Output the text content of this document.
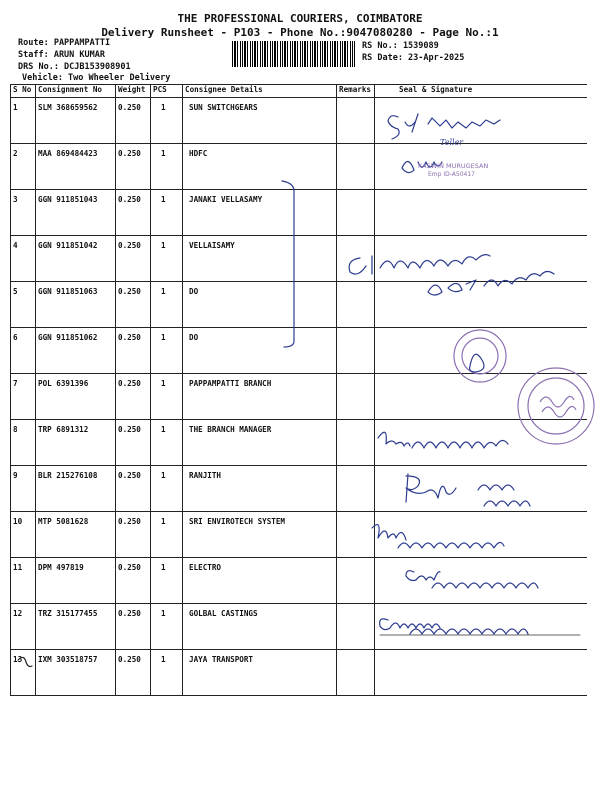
THE PROFESSIONAL COURIERS, COIMBATORE
Delivery Runsheet - P103 - Phone No.:9047080280 - Page No.:1
Route: PAPPAMPATTI
Staff: ARUN KUMAR
DRS No.: DCJB153908901
Vehicle: Two Wheeler Delivery
RS No.: 1539089
RS Date: 23-Apr-2025
S No	Consignment No	Weight	PCS	Consignee Details	Remarks	Seal & Signature
1	SLM 368659562	0.250	1	SUN SWITCHGEARS		
2	MAA 869484423	0.250	1	HDFC		
3	GGN 911851043	0.250	1	JANAKI VELLASAMY		
4	GGN 911851042	0.250	1	VELLAISAMY		
5	GGN 911851063	0.250	1	DO		
6	GGN 911851062	0.250	1	DO		
7	POL 6391396	0.250	1	PAPPAMPATTI BRANCH		
8	TRP 6891312	0.250	1	THE BRANCH MANAGER		
9	BLR 215276108	0.250	1	RANJITH		
10	MTP 5081628	0.250	1	SRI ENVIROTECH SYSTEM		
11	DPM 497819	0.250	1	ELECTRO		
12	TRZ 315177455	0.250	1	GOLBAL CASTINGS		
13	IXM 303518757	0.250	1	JAYA TRANSPORT		
Teller
KASWIN MURUGESAN
Emp ID-A50417
